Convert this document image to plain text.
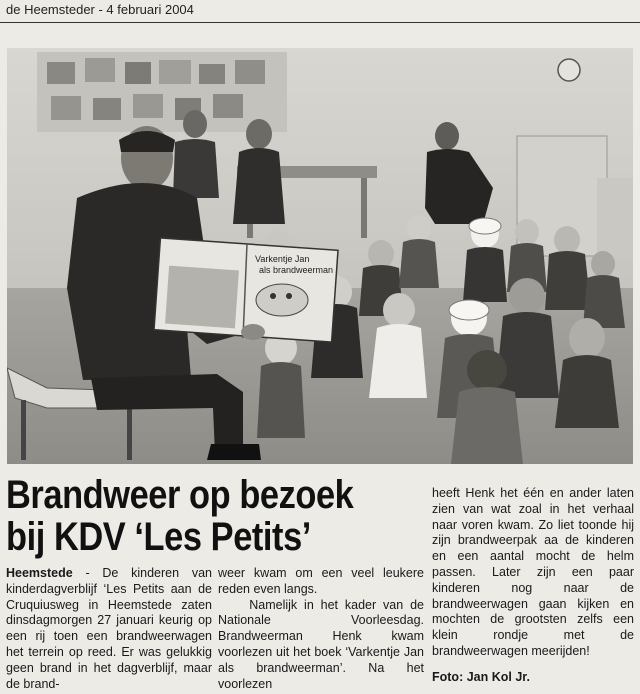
de Heemsteder - 4 februari 2004
Varkentje Jan
als brandweerman
Brandweer op bezoek
bij KDV ‘Les Petits’

Heemstede - De kinderen van kinderdagverblijf ‘Les Petits aan de Cruquiusweg in Heemstede zaten dinsdagmorgen 27 januari keurig op een rij toen een brandweerwagen het terrein op reed. Er was gelukkig geen brand in het dagverblijf, maar de brand-

weer kwam om een veel leukere reden even langs.

Namelijk in het kader van de Nationale Voorleesdag. Brandweerman Henk kwam voorlezen uit het boek ‘Varkentje Jan als brandweerman’. Na het voorlezen

heeft Henk het één en ander laten zien van wat zoal in het verhaal naar voren kwam. Zo liet toonde hij zijn brandweerpak aa de kinderen en een aantal mocht de helm passen. Later zijn een paar kinderen nog naar de brandweerwagen gaan kijken en mochten de grootsten zelfs een klein rondje met de brandweerwagen meerijden!

Foto: Jan Kol Jr.
